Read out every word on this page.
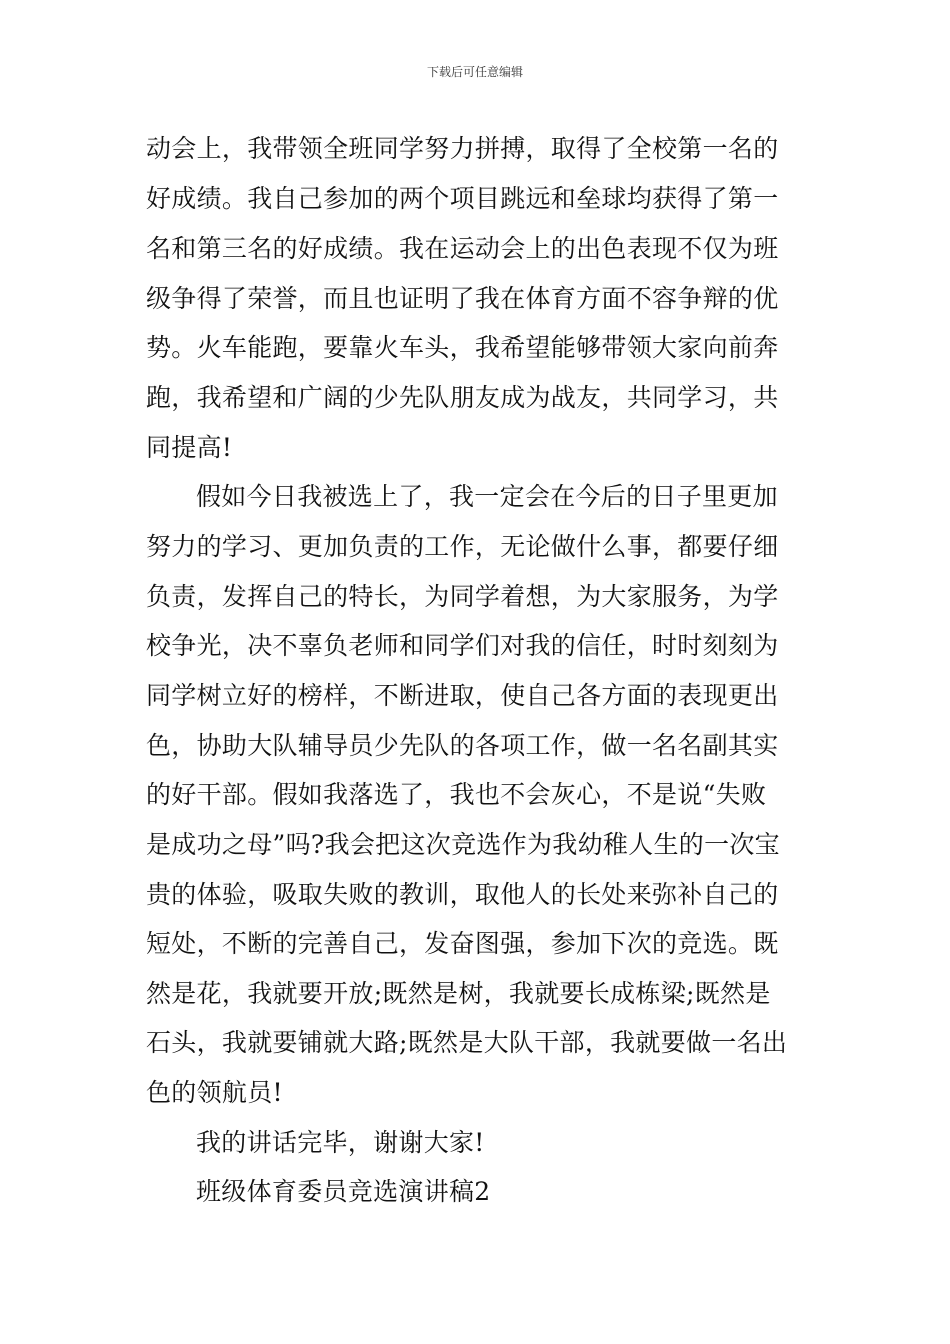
下载后可任意编辑
动会上，我带领全班同学努力拼搏，取得了全校第一名的
好成绩。我自己参加的两个项目跳远和垒球均获得了第一
名和第三名的好成绩。我在运动会上的出色表现不仅为班
级争得了荣誉，而且也证明了我在体育方面不容争辩的优
势。火车能跑，要靠火车头，我希望能够带领大家向前奔
跑，我希望和广阔的少先队朋友成为战友，共同学习，共
同提高!
假如今日我被选上了，我一定会在今后的日子里更加
努力的学习、更加负责的工作，无论做什么事，都要仔细
负责，发挥自己的特长，为同学着想，为大家服务，为学
校争光，决不辜负老师和同学们对我的信任，时时刻刻为
同学树立好的榜样，不断进取，使自己各方面的表现更出
色，协助大队辅导员少先队的各项工作，做一名名副其实
的好干部。假如我落选了，我也不会灰心，不是说“失败
是成功之母”吗?我会把这次竞选作为我幼稚人生的一次宝
贵的体验，吸取失败的教训，取他人的长处来弥补自己的
短处，不断的完善自己，发奋图强，参加下次的竞选。既
然是花，我就要开放;既然是树，我就要长成栋梁;既然是
石头，我就要铺就大路;既然是大队干部，我就要做一名出
色的领航员!
我的讲话完毕，谢谢大家!
班级体育委员竞选演讲稿2
